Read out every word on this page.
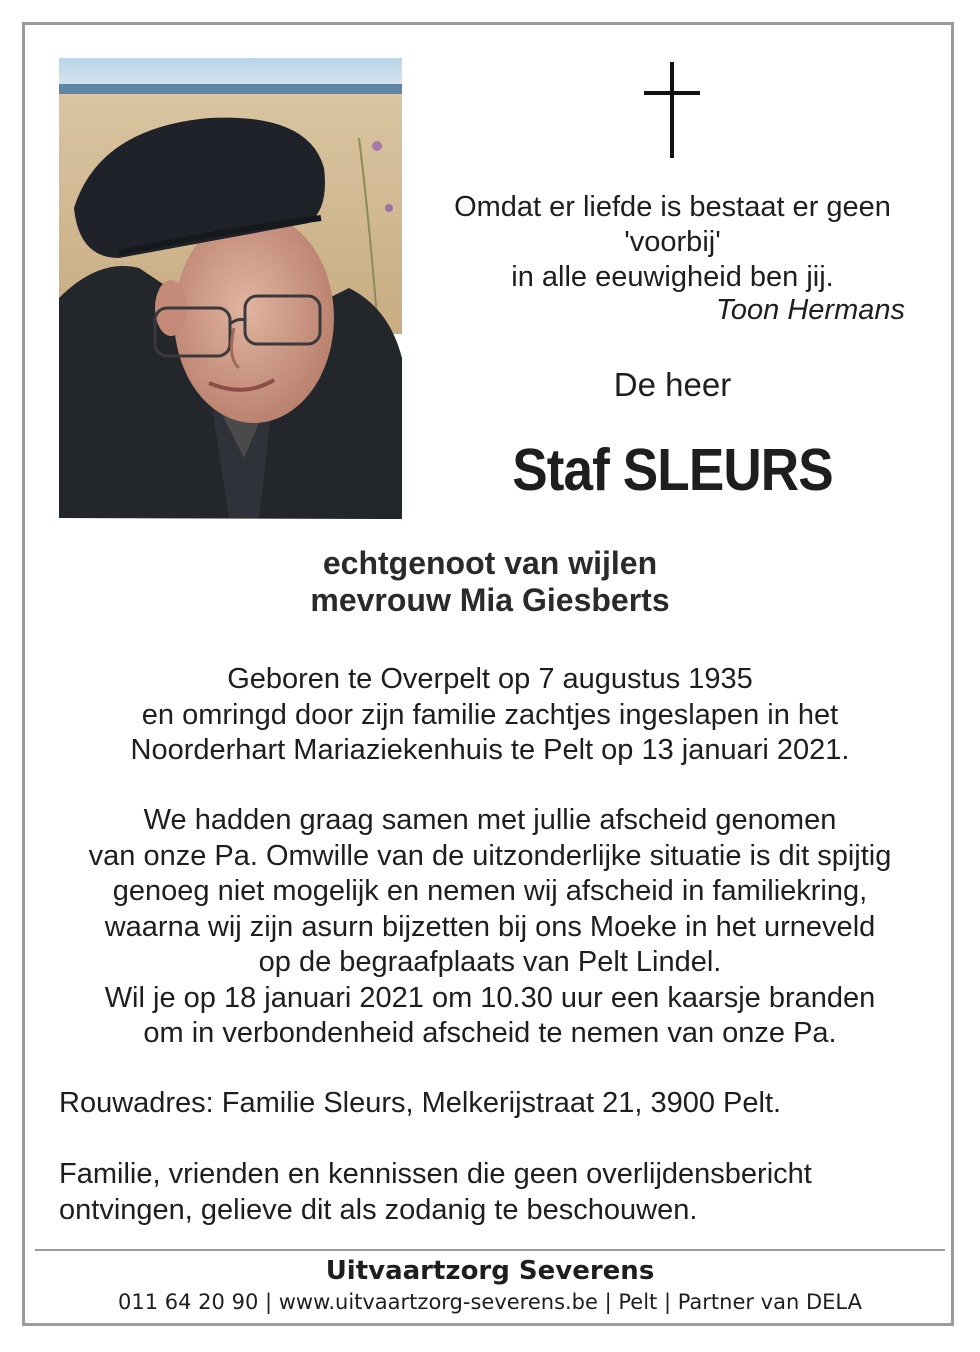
Omdat er liefde is bestaat er geen
'voorbij'
in alle eeuwigheid ben jij.
Toon Hermans
De heer
Staf SLEURS
echtgenoot van wijlen
mevrouw Mia Giesberts
Geboren te Overpelt op 7 augustus 1935
en omringd door zijn familie zachtjes ingeslapen in het
Noorderhart Mariaziekenhuis te Pelt op 13 januari 2021.
We hadden graag samen met jullie afscheid genomen
van onze Pa. Omwille van de uitzonderlijke situatie is dit spijtig
genoeg niet mogelijk en nemen wij afscheid in familiekring,
waarna wij zijn asurn bijzetten bij ons Moeke in het urneveld
op de begraafplaats van Pelt Lindel.
Wil je op 18 januari 2021 om 10.30 uur een kaarsje branden
om in verbondenheid afscheid te nemen van onze Pa.
Rouwadres: Familie Sleurs, Melkerijstraat 21, 3900 Pelt.
Familie, vrienden en kennissen die geen overlijdensbericht
ontvingen, gelieve dit als zodanig te beschouwen.
Uitvaartzorg Severens
011 64 20 90 | www.uitvaartzorg-severens.be | Pelt | Partner van DELA
